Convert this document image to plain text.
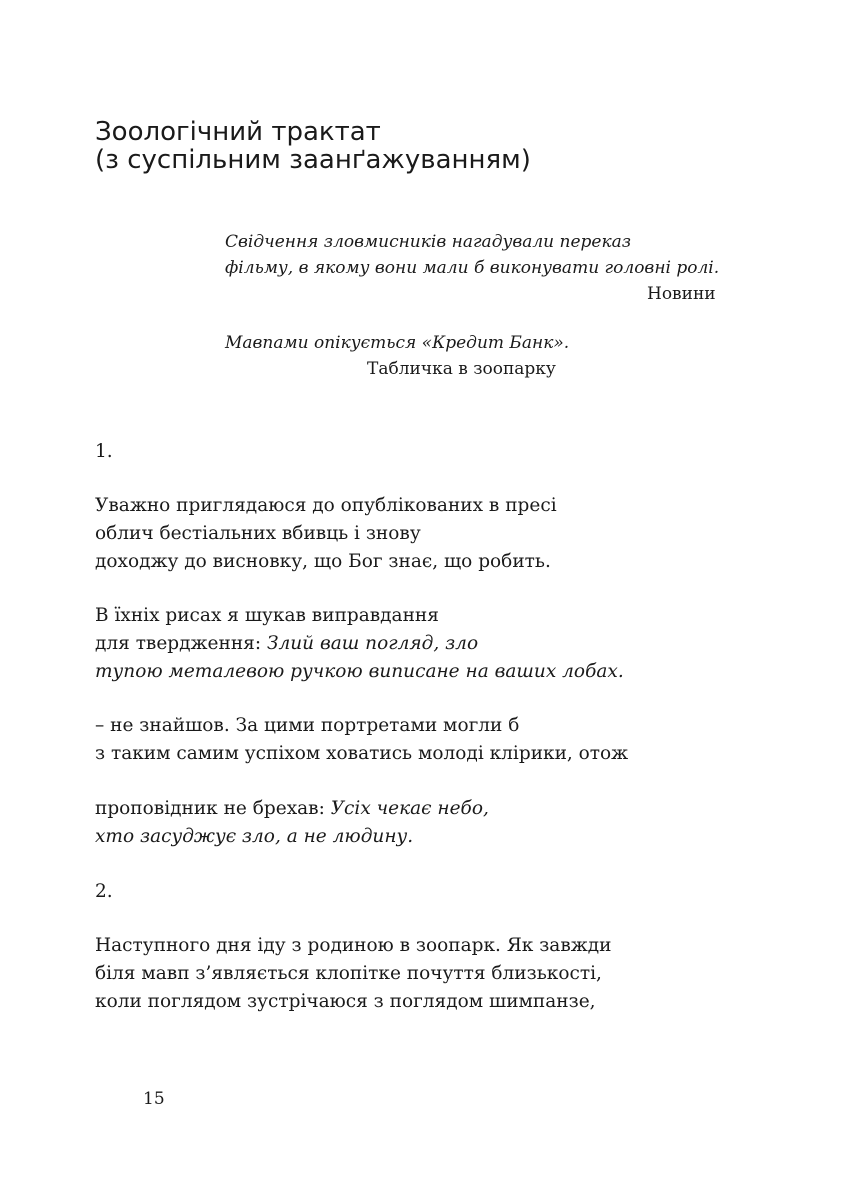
Зоологічний трактат
(з суспільним заанґажуванням)
Свідчення зловмисників нагадували переказ
фільму, в якому вони мали б виконувати головні ролі.
Новини
Мавпами опікується «Кредит Банк».
Табличка в зоопарку
1.
Уважно приглядаюся до опублікованих в пресі
облич бестіальних вбивць і знову
доходжу до висновку, що Бог знає, що робить.
В їхніх рисах я шукав виправдання
для твердження: Злий ваш погляд, зло
тупою металевою ручкою виписане на ваших лобах.
– не знайшов. За цими портретами могли б
з таким самим успіхом ховатись молоді клірики, отож
проповідник не брехав: Усіх чекає небо,
хто засуджує зло, а не людину.
2.
Наступного дня іду з родиною в зоопарк. Як завжди
біля мавп з’являється клопітке почуття близькості,
коли поглядом зустрічаюся з поглядом шимпанзе,
15
